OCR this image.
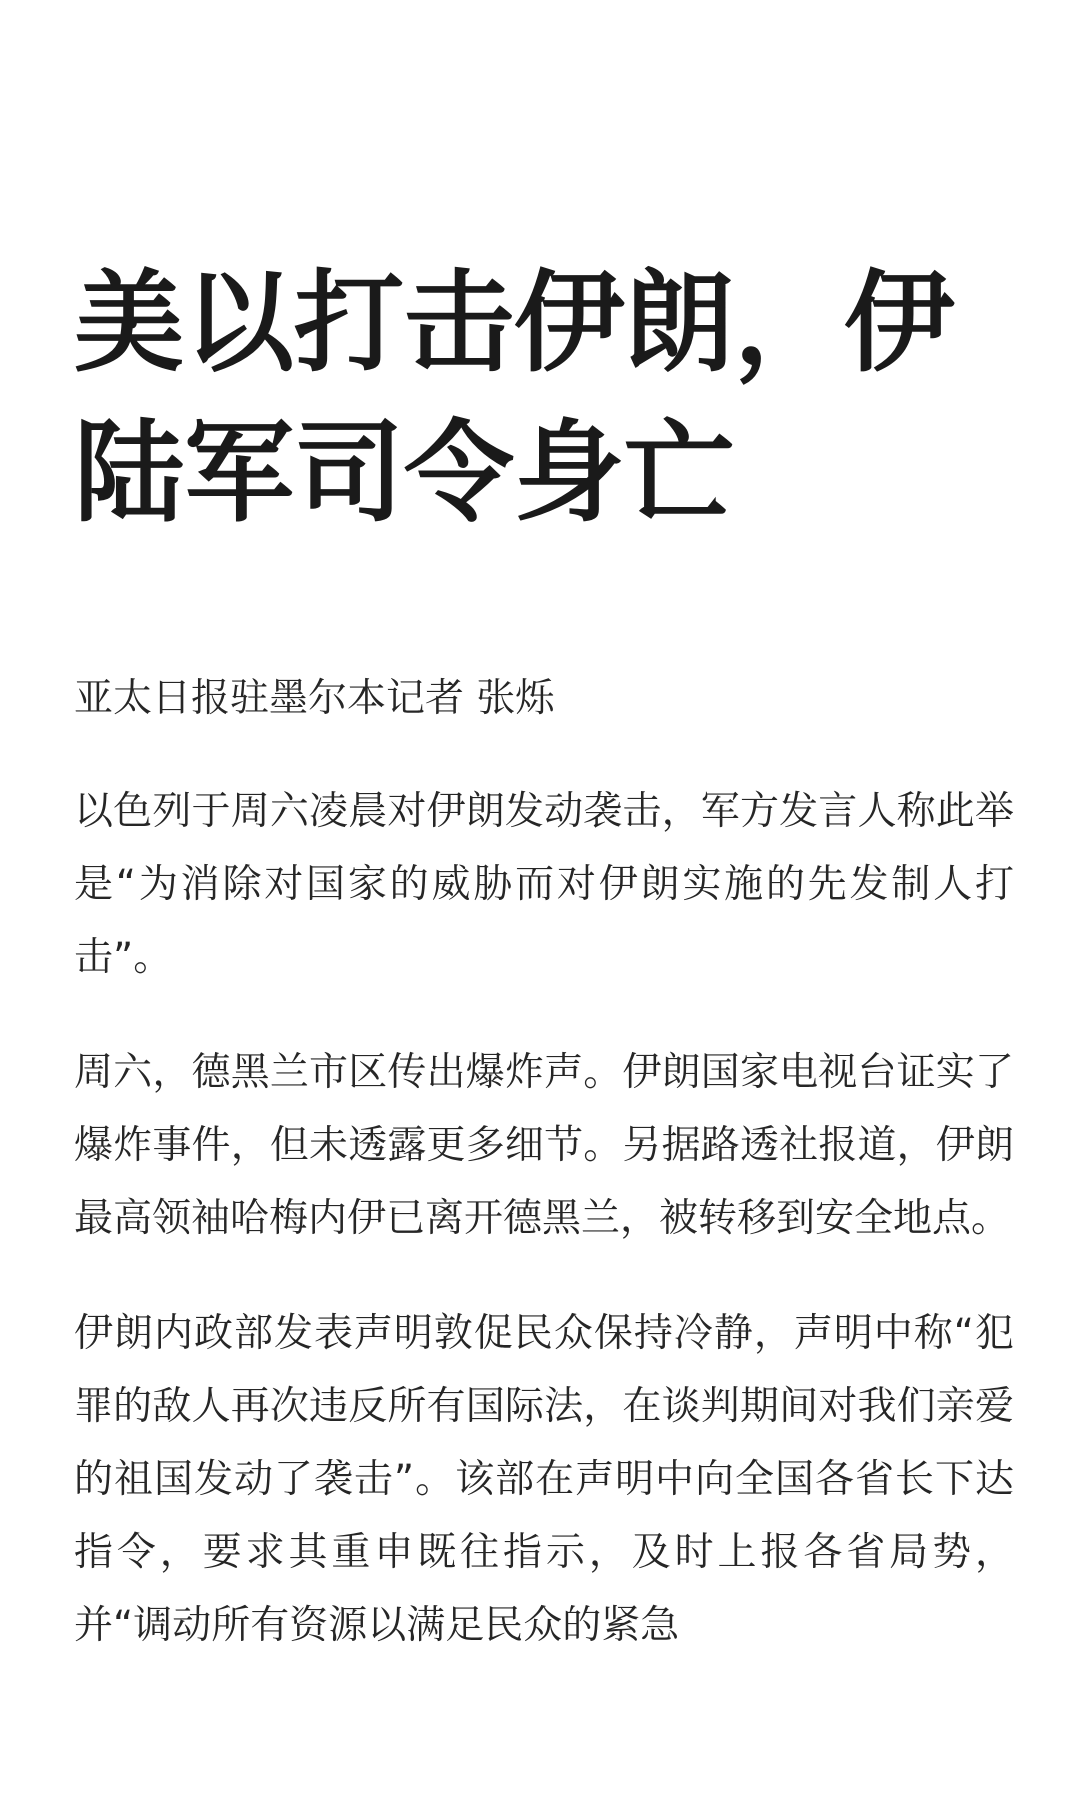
美以打击伊朗，伊陆军司令身亡
亚太日报驻墨尔本记者 张烁

以色列于周六凌晨对伊朗发动袭击，军方发言人称此举是“为消除对国家的威胁而对伊朗实施的先发制人打击”。

周六，德黑兰市区传出爆炸声。伊朗国家电视台证实了爆炸事件，但未透露更多细节。另据路透社报道，伊朗最高领袖哈梅内伊已离开德黑兰，被转移到安全地点。

伊朗内政部发表声明敦促民众保持冷静，声明中称“犯罪的敌人再次违反所有国际法，在谈判期间对我们亲爱的祖国发动了袭击”。该部在声明中向全国各省长下达指令，要求其重申既往指示，及时上报各省局势，并“调动所有资源以满足民众的紧急
